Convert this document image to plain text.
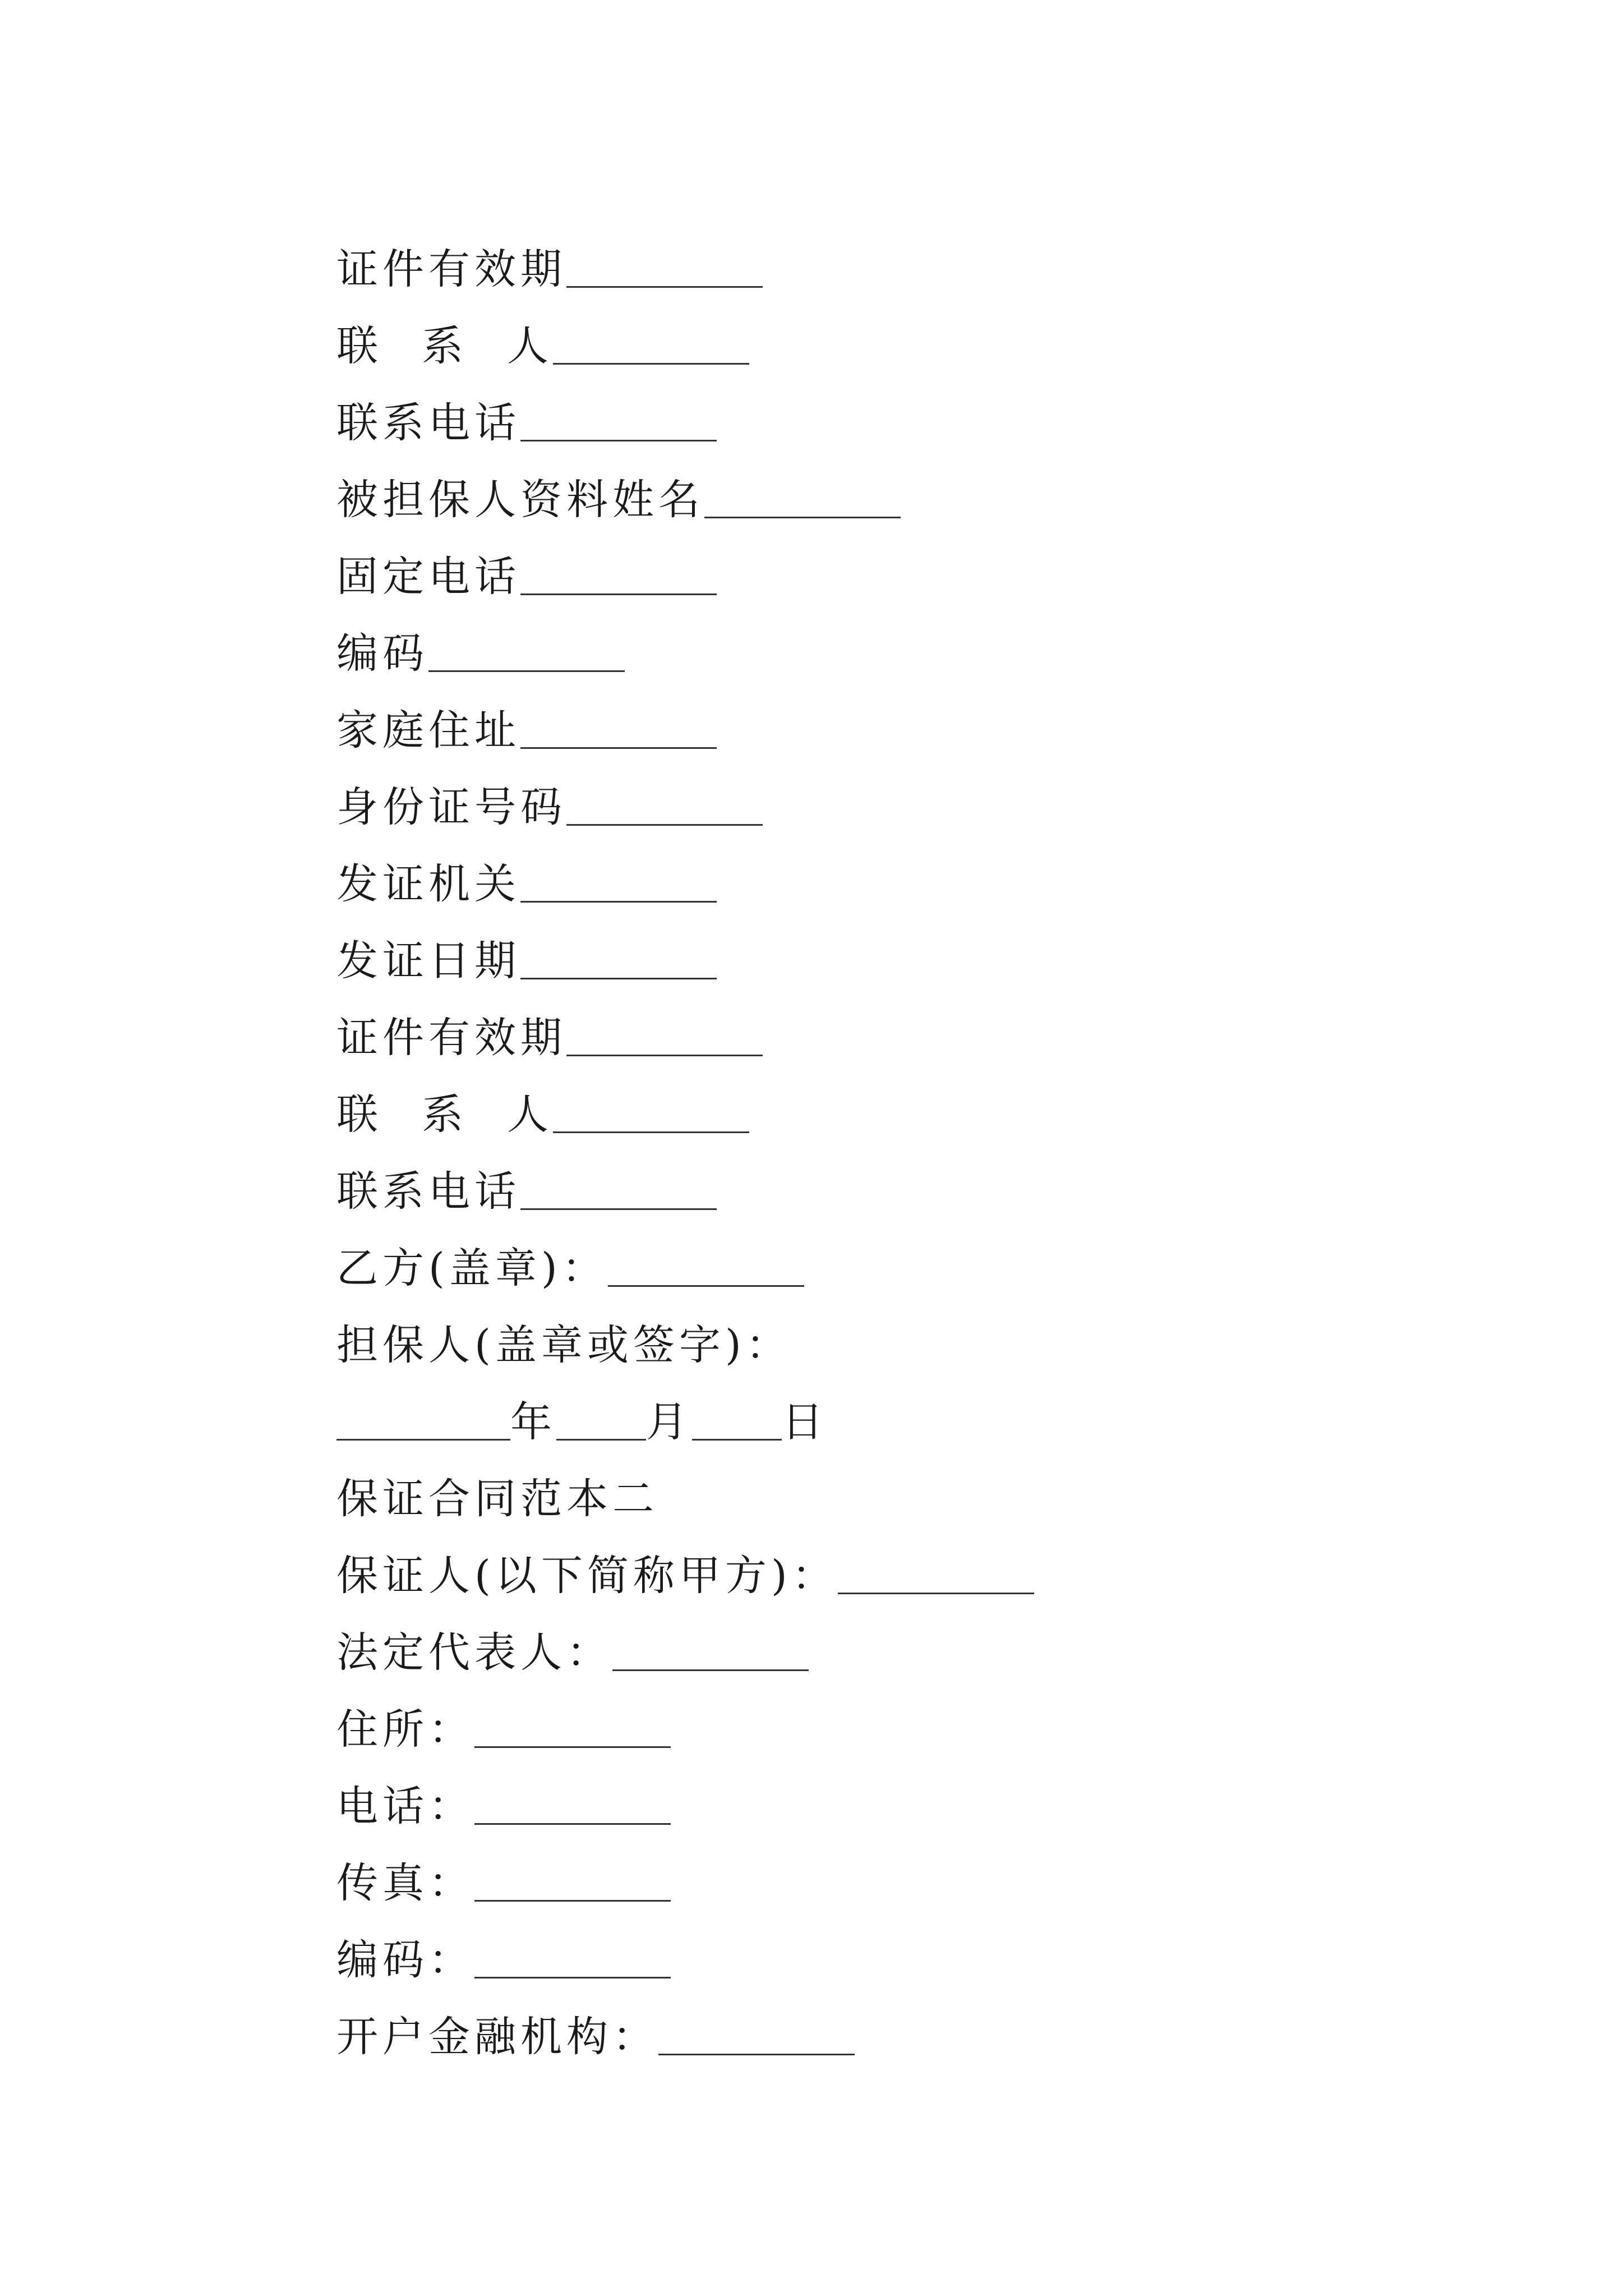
证件有效期
联 系 人
联系电话
被担保人资料姓名
固定电话
编码
家庭住址
身份证号码
发证机关
发证日期
证件有效期
联 系 人
联系电话
乙方(盖章)：
担保人(盖章或签字)：
年 月 日
保证合同范本二
保证人(以下简称甲方)：
法定代表人：
住所：
电话：
传真：
编码：
开户金融机构：
